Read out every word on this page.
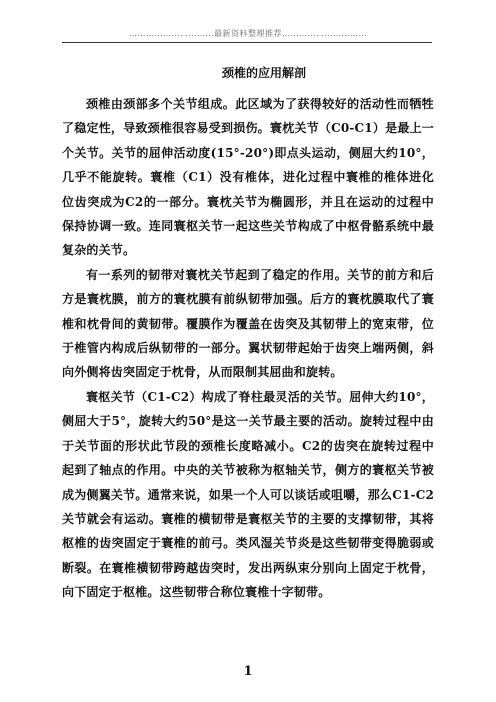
…………………………最新资料整理推荐…………………………
颈椎的应用解剖

颈椎由颈部多个关节组成。此区域为了获得较好的活动性而牺牲了稳定性，导致颈椎很容易受到损伤。寰枕关节（C0-C1）是最上一个关节。关节的屈伸活动度(15°-20°)即点头运动，侧屈大约10°，几乎不能旋转。寰椎（C1）没有椎体，进化过程中寰椎的椎体进化位齿突成为C2的一部分。寰枕关节为椭圆形，并且在运动的过程中保持协调一致。连同寰枢关节一起这些关节构成了中枢骨骼系统中最复杂的关节。

有一系列的韧带对寰枕关节起到了稳定的作用。关节的前方和后方是寰枕膜，前方的寰枕膜有前纵韧带加强。后方的寰枕膜取代了寰椎和枕骨间的黄韧带。覆膜作为覆盖在齿突及其韧带上的宽束带，位于椎管内构成后纵韧带的一部分。翼状韧带起始于齿突上端两侧，斜向外侧将齿突固定于枕骨，从而限制其屈曲和旋转。

寰枢关节（C1-C2）构成了脊柱最灵活的关节。屈伸大约10°，侧屈大于5°，旋转大约50°是这一关节最主要的活动。旋转过程中由于关节面的形状此节段的颈椎长度略减小。C2的齿突在旋转过程中起到了轴点的作用。中央的关节被称为枢轴关节，侧方的寰枢关节被成为侧翼关节。通常来说，如果一个人可以谈话或咀嚼，那么C1-C2关节就会有运动。寰椎的横韧带是寰枢关节的主要的支撑韧带，其将枢椎的齿突固定于寰椎的前弓。类风湿关节炎是这些韧带变得脆弱或断裂。在寰椎横韧带跨越齿突时，发出两纵束分别向上固定于枕骨，向下固定于枢椎。这些韧带合称位寰椎十字韧带。

1
